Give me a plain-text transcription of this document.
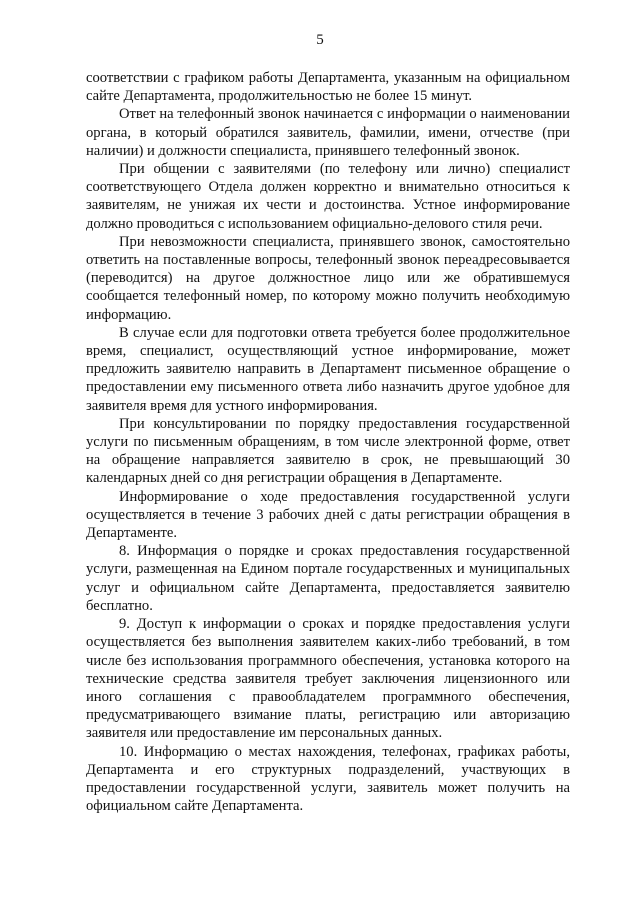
5

соответствии с графиком работы Департамента, указанным на официальном сайте Департамента, продолжительностью не более 15 минут.

Ответ на телефонный звонок начинается с информации о наименовании органа, в который обратился заявитель, фамилии, имени, отчестве (при наличии) и должности специалиста, принявшего телефонный звонок.

При общении с заявителями (по телефону или лично) специалист соответствующего Отдела должен корректно и внимательно относиться к заявителям, не унижая их чести и достоинства. Устное информирование должно проводиться с использованием официально-делового стиля речи.

При невозможности специалиста, принявшего звонок, самостоятельно ответить на поставленные вопросы, телефонный звонок переадресовывается (переводится) на другое должностное лицо или же обратившемуся сообщается телефонный номер, по которому можно получить необходимую информацию.

В случае если для подготовки ответа требуется более продолжительное время, специалист, осуществляющий устное информирование, может предложить заявителю направить в Департамент письменное обращение о предоставлении ему письменного ответа либо назначить другое удобное для заявителя время для устного информирования.

При консультировании по порядку предоставления государственной услуги по письменным обращениям, в том числе электронной форме, ответ на обращение направляется заявителю в срок, не превышающий 30 календарных дней со дня регистрации обращения в Департаменте.

Информирование о ходе предоставления государственной услуги осуществляется в течение 3 рабочих дней с даты регистрации обращения в Департаменте.

8. Информация о порядке и сроках предоставления государственной услуги, размещенная на Едином портале государственных и муниципальных услуг и официальном сайте Департамента, предоставляется заявителю бесплатно.

9. Доступ к информации о сроках и порядке предоставления услуги осуществляется без выполнения заявителем каких-либо требований, в том числе без использования программного обеспечения, установка которого на технические средства заявителя требует заключения лицензионного или иного соглашения с правообладателем программного обеспечения, предусматривающего взимание платы, регистрацию или авторизацию заявителя или предоставление им персональных данных.

10. Информацию о местах нахождения, телефонах, графиках работы, Департамента и его структурных подразделений, участвующих в предоставлении государственной услуги, заявитель может получить на официальном сайте Департамента.
